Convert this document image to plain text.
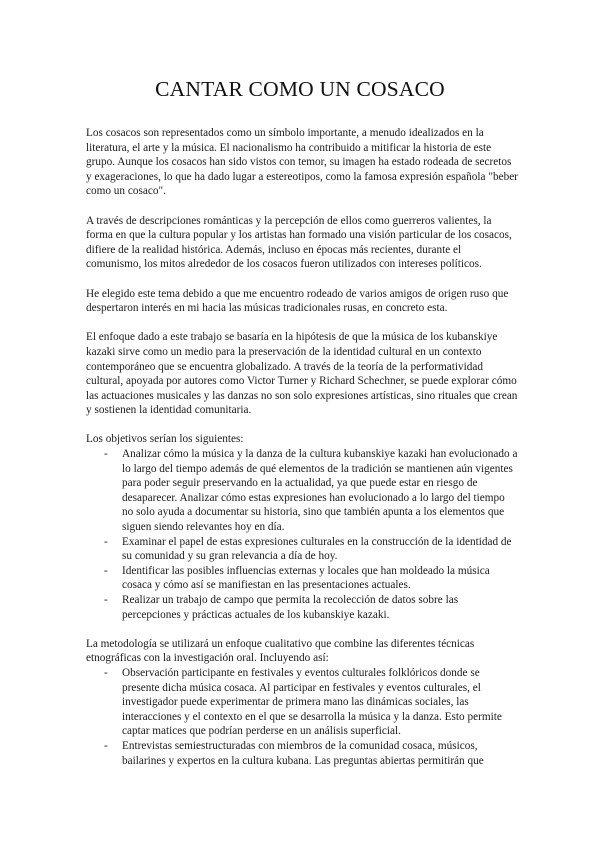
CANTAR COMO UN COSACO

Los cosacos son representados como un símbolo importante, a menudo idealizados en la literatura, el arte y la música. El nacionalismo ha contribuido a mitificar la historia de este grupo. Aunque los cosacos han sido vistos con temor, su imagen ha estado rodeada de secretos y exageraciones, lo que ha dado lugar a estereotipos, como la famosa expresión española "beber como un cosaco".

A través de descripciones románticas y la percepción de ellos como guerreros valientes, la forma en que la cultura popular y los artistas han formado una visión particular de los cosacos, difiere de la realidad histórica. Además, incluso en épocas más recientes, durante el comunismo, los mitos alrededor de los cosacos fueron utilizados con intereses políticos.

He elegido este tema debido a que me encuentro rodeado de varios amigos de origen ruso que despertaron interés en mi hacia las músicas tradicionales rusas, en concreto esta.

El enfoque dado a este trabajo se basaría en la hipótesis de que la música de los kubanskiye kazaki sirve como un medio para la preservación de la identidad cultural en un contexto contemporáneo que se encuentra globalizado. A través de la teoría de la performatividad cultural, apoyada por autores como Victor Turner y Richard Schechner, se puede explorar cómo las actuaciones musicales y las danzas no son solo expresiones artísticas, sino rituales que crean y sostienen la identidad comunitaria.

Los objetivos serían los siguientes:

- Analizar cómo la música y la danza de la cultura kubanskiye kazaki han evolucionado a lo largo del tiempo además de qué elementos de la tradición se mantienen aún vigentes para poder seguir preservando en la actualidad, ya que puede estar en riesgo de desaparecer. Analizar cómo estas expresiones han evolucionado a lo largo del tiempo no solo ayuda a documentar su historia, sino que también apunta a los elementos que siguen siendo relevantes hoy en día.
- Examinar el papel de estas expresiones culturales en la construcción de la identidad de su comunidad y su gran relevancia a día de hoy.
- Identificar las posibles influencias externas y locales que han moldeado la música cosaca y cómo así se manifiestan en las presentaciones actuales.
- Realizar un trabajo de campo que permita la recolección de datos sobre las percepciones y prácticas actuales de los kubanskiye kazaki.

La metodología se utilizará un enfoque cualitativo que combine las diferentes técnicas etnográficas con la investigación oral. Incluyendo así:

- Observación participante en festivales y eventos culturales folklóricos donde se presente dicha música cosaca. Al participar en festivales y eventos culturales, el investigador puede experimentar de primera mano las dinámicas sociales, las interacciones y el contexto en el que se desarrolla la música y la danza. Esto permite captar matices que podrían perderse en un análisis superficial.
- Entrevistas semiestructuradas con miembros de la comunidad cosaca, músicos, bailarines y expertos en la cultura kubana. Las preguntas abiertas permitirán que
